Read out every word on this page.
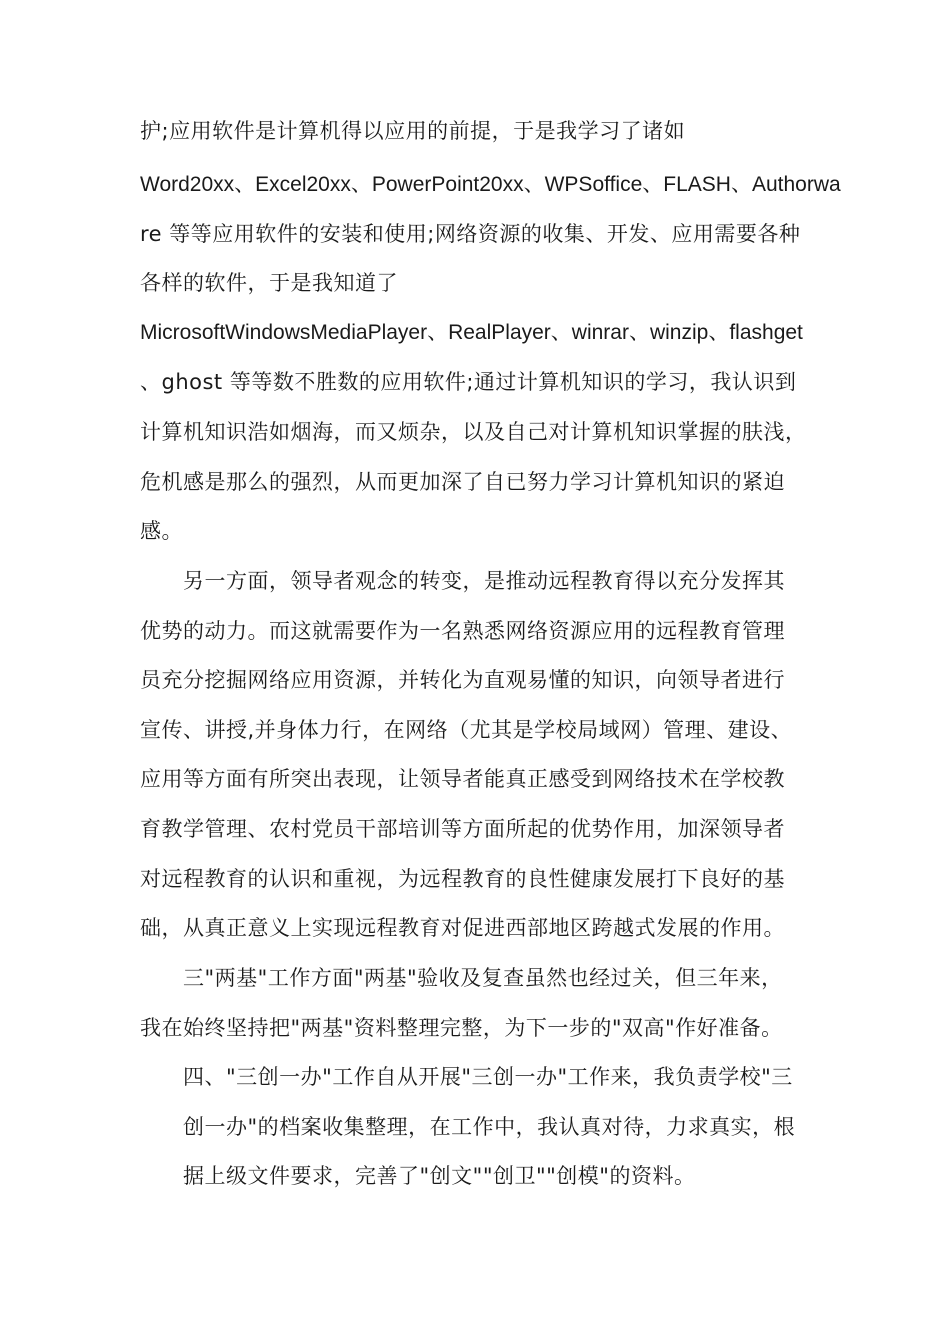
护;应用软件是计算机得以应用的前提，于是我学习了诸如
Word20xx、Excel20xx、PowerPoint20xx、WPSoffice、FLASH、Authorwa
re 等等应用软件的安装和使用;网络资源的收集、开发、应用需要各种
各样的软件，于是我知道了
MicrosoftWindowsMediaPlayer、RealPlayer、winrar、winzip、flashget
、ghost 等等数不胜数的应用软件;通过计算机知识的学习，我认识到
计算机知识浩如烟海，而又烦杂，以及自己对计算机知识掌握的肤浅，
危机感是那么的强烈，从而更加深了自已努力学习计算机知识的紧迫
感。
另一方面，领导者观念的转变，是推动远程教育得以充分发挥其
优势的动力。而这就需要作为一名熟悉网络资源应用的远程教育管理
员充分挖掘网络应用资源，并转化为直观易懂的知识，向领导者进行
宣传、讲授,并身体力行，在网络（尤其是学校局域网）管理、建设、
应用等方面有所突出表现，让领导者能真正感受到网络技术在学校教
育教学管理、农村党员干部培训等方面所起的优势作用，加深领导者
对远程教育的认识和重视，为远程教育的良性健康发展打下良好的基
础，从真正意义上实现远程教育对促进西部地区跨越式发展的作用。
三"两基"工作方面"两基"验收及复查虽然也经过关，但三年来，
我在始终坚持把"两基"资料整理完整，为下一步的"双高"作好准备。
四、"三创一办"工作自从开展"三创一办"工作来，我负责学校"三
创一办"的档案收集整理，在工作中，我认真对待，力求真实，根
据上级文件要求，完善了"创文""创卫""创模"的资料。
